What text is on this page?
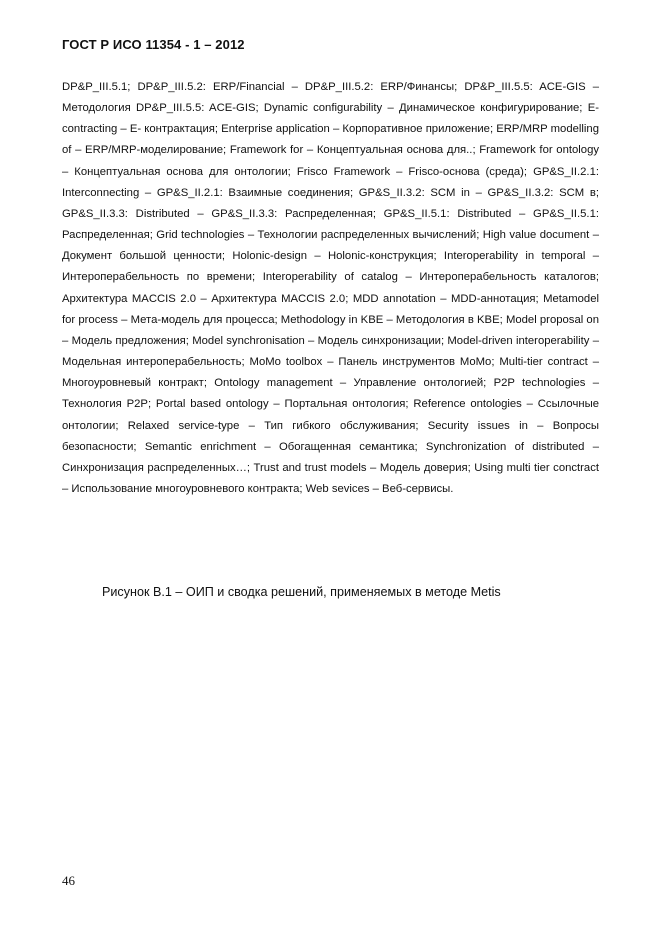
ГОСТ Р ИСО 11354 - 1 – 2012
DP&P_III.5.1; DP&P_III.5.2: ERP/Financial – DP&P_III.5.2: ERP/Финансы; DP&P_III.5.5: ACE-GIS – Методология DP&P_III.5.5: ACE-GIS; Dynamic configurability – Динамическое конфигурирование; E-contracting – E- контрактация; Enterprise application – Корпоративное приложение; ERP/MRP modelling of – ERP/MRP-моделирование; Framework for – Концептуальная основа для..; Framework for ontology – Концептуальная основа для онтологии; Frisco Framework – Frisco-основа (среда); GP&S_II.2.1: Interconnecting – GP&S_II.2.1: Взаимные соединения; GP&S_II.3.2: SCM in – GP&S_II.3.2: SCM в; GP&S_II.3.3: Distributed – GP&S_II.3.3: Распределенная; GP&S_II.5.1: Distributed – GP&S_II.5.1: Распределенная; Grid technologies – Технологии распределенных вычислений; High value document – Документ большой ценности; Holonic-design – Holonic-конструкция; Interoperability in temporal – Интероперабельность по времени; Interoperability of catalog – Интероперабельность каталогов; Архитектура MACCIS 2.0 – Архитектура MACCIS 2.0; MDD annotation – MDD-аннотация; Metamodel for process – Мета-модель для процесса; Methodology in KBE – Методология в KBE; Model proposal on – Модель предложения; Model synchronisation – Модель синхронизации; Model-driven interoperability – Модельная интероперабельность; MoMo toolbox – Панель инструментов MoMo; Multi-tier contract – Многоуровневый контракт; Ontology management – Управление онтологией; P2P technologies – Технология P2P; Portal based ontology – Портальная онтология; Reference ontologies – Ссылочные онтологии; Relaxed service-type – Тип гибкого обслуживания; Security issues in – Вопросы безопасности; Semantic enrichment – Обогащенная семантика; Synchronization of distributed – Синхронизация распределенных…; Trust and trust models – Модель доверия; Using multi tier conctract – Использование многоуровневого контракта; Web sevices – Веб-сервисы.
Рисунок В.1 – ОИП и сводка решений, применяемых в методе Metis
46
